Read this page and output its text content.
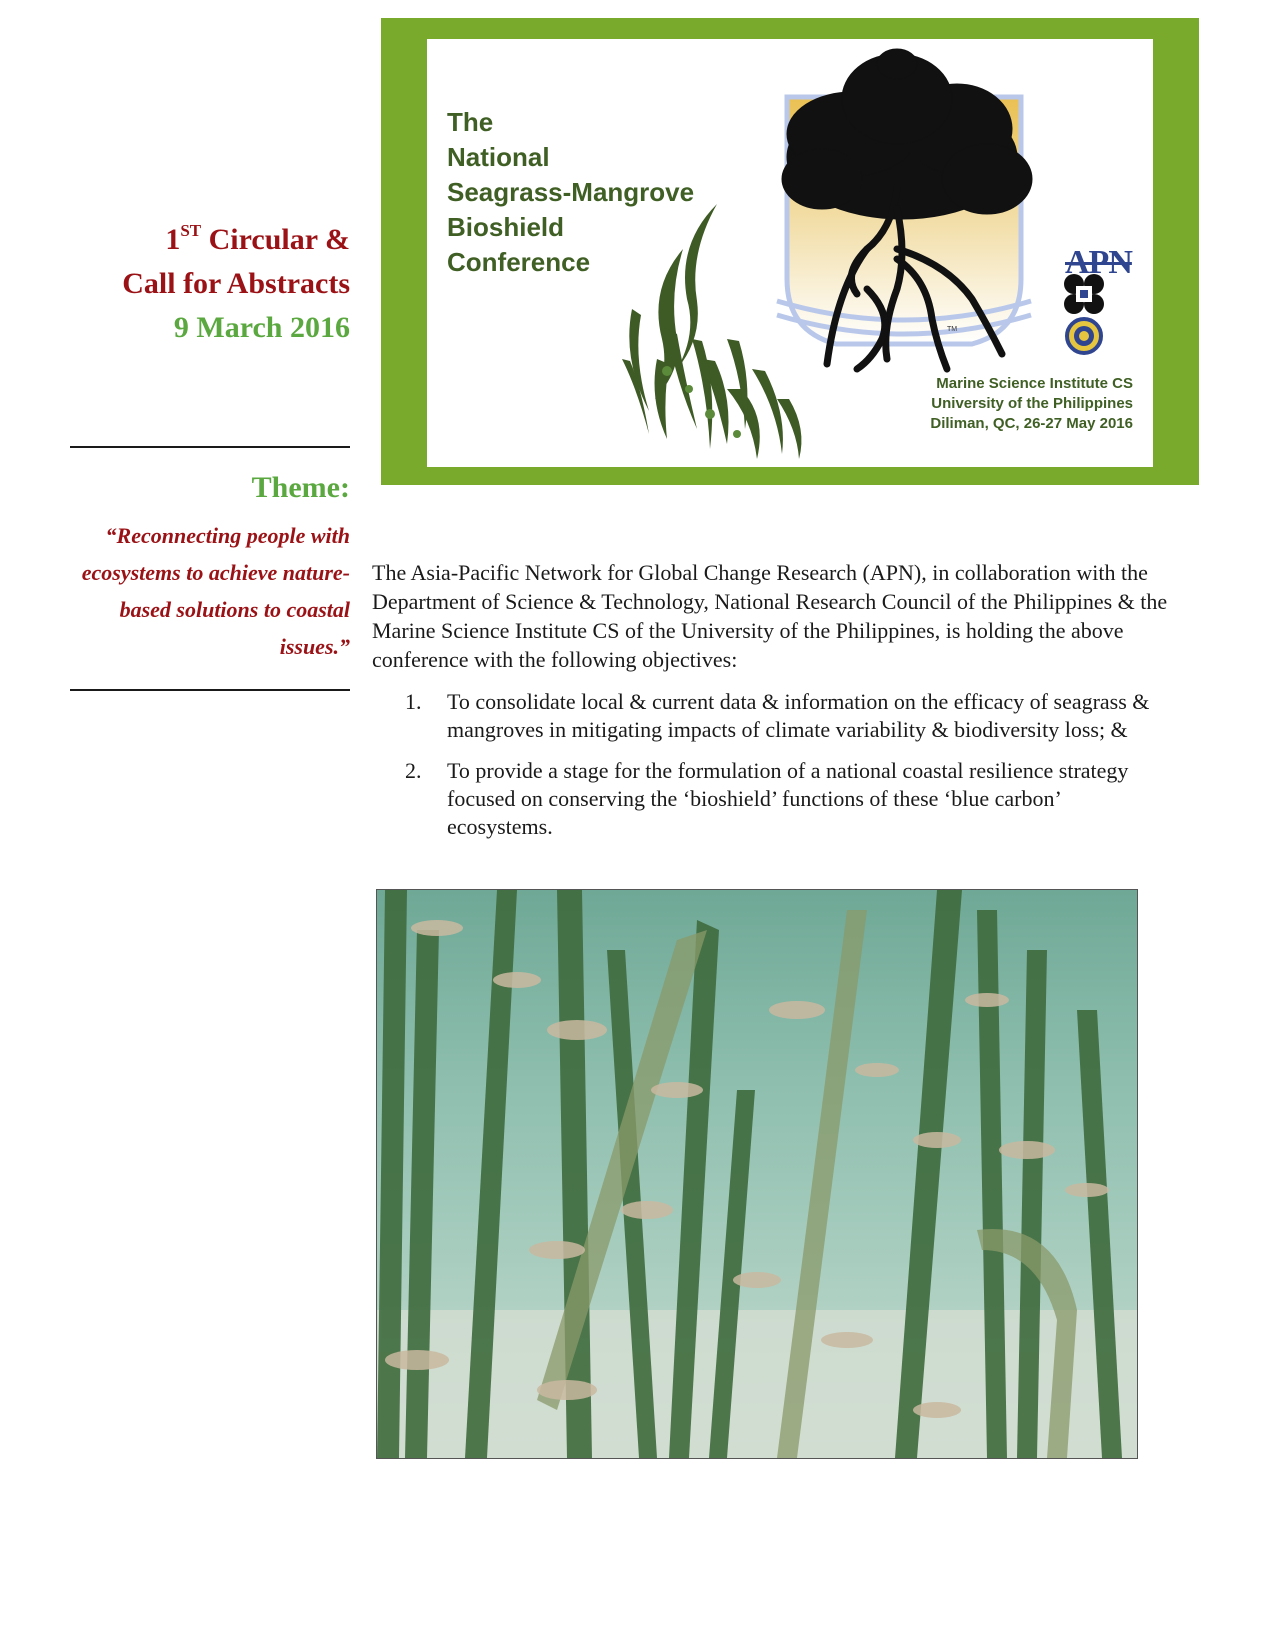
1ST Circular &
Call for Abstracts
9 March 2016
Theme:
“Reconnecting people with ecosystems to achieve nature-based solutions to coastal issues.”
TM
The
National
Seagrass-Mangrove
Bioshield
Conference	APN
Marine Science Institute CS
University of the Philippines
Diliman, QC, 26-27 May 2016

The Asia-Pacific Network for Global Change Research (APN), in collaboration with the Department of Science & Technology, National Research Council of the Philippines & the Marine Science Institute CS of the University of the Philippines, is holding the above conference with the following objectives:

1. To consolidate local & current data & information on the efficacy of seagrass & mangroves in mitigating impacts of climate variability & biodiversity loss; &
2. To provide a stage for the formulation of a national coastal resilience strategy focused on conserving the ‘bioshield’ functions of these ‘blue carbon’ ecosystems.
